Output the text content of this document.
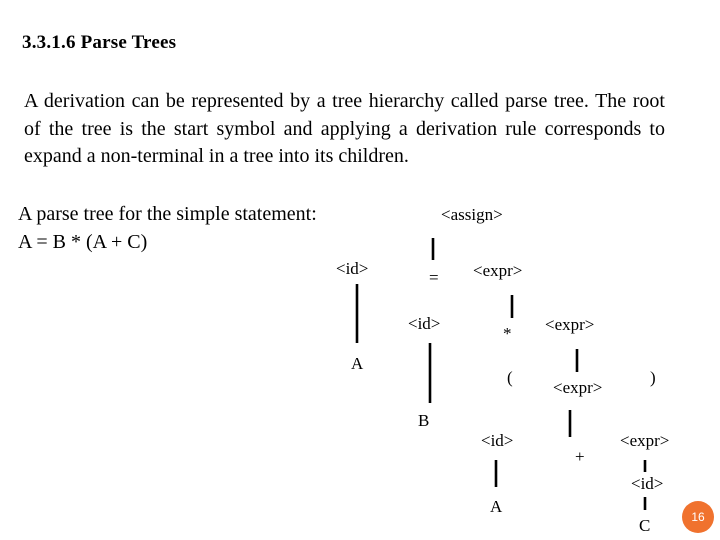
3.3.1.6 Parse Trees
A derivation can be represented by a tree hierarchy called parse tree. The root of the tree is the start symbol and applying a derivation rule corresponds to expand a non-terminal in a tree into its children.
A parse tree for the simple statement:
A = B * (A + C)
<assign>
<id>	= <expr>
A
<id>
* <expr>
B
(
<expr>
)
<id>
+
<expr>
A
<id>
C	16
